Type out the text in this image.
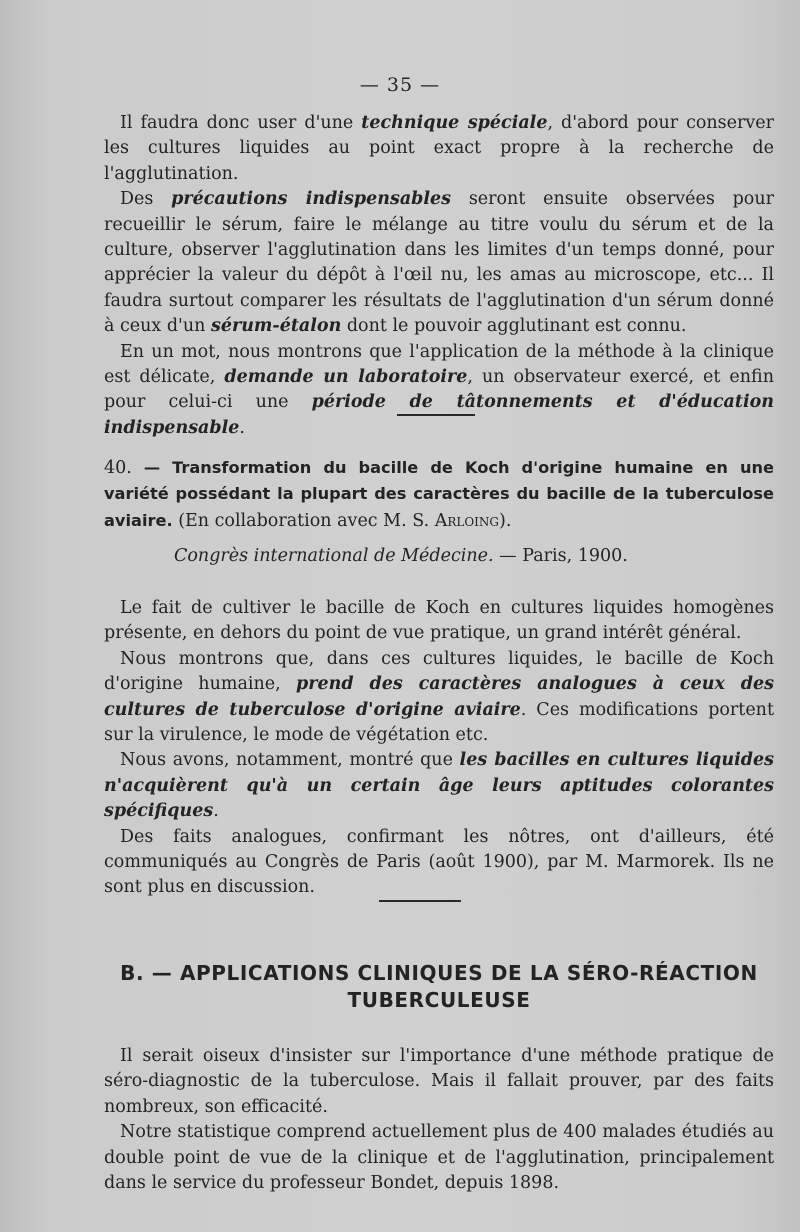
— 35 —

Il faudra donc user d'une technique spéciale, d'abord pour conserver les cultures liquides au point exact propre à la recherche de l'agglutination.

Des précautions indispensables seront ensuite observées pour recueillir le sérum, faire le mélange au titre voulu du sérum et de la culture, observer l'agglutination dans les limites d'un temps donné, pour apprécier la valeur du dépôt à l'œil nu, les amas au microscope, etc... Il faudra surtout comparer les résultats de l'agglutination d'un sérum donné à ceux d'un sérum-étalon dont le pouvoir agglutinant est connu.

En un mot, nous montrons que l'application de la méthode à la clinique est délicate, demande un laboratoire, un observateur exercé, et enfin pour celui-ci une période de tâtonnements et d'éducation indispensable.

40. — Transformation du bacille de Koch d'origine humaine en une variété possédant la plupart des caractères du bacille de la tuberculose aviaire. (En collaboration avec M. S. Arloing).
Congrès international de Médecine. — Paris, 1900.

Le fait de cultiver le bacille de Koch en cultures liquides homogènes présente, en dehors du point de vue pratique, un grand intérêt général.

Nous montrons que, dans ces cultures liquides, le bacille de Koch d'origine humaine, prend des caractères analogues à ceux des cultures de tuberculose d'origine aviaire. Ces modifications portent sur la virulence, le mode de végétation etc.

Nous avons, notamment, montré que les bacilles en cultures liquides n'acquièrent qu'à un certain âge leurs aptitudes colorantes spécifiques.

Des faits analogues, confirmant les nôtres, ont d'ailleurs, été communiqués au Congrès de Paris (août 1900), par M. Marmorek. Ils ne sont plus en discussion.

B. — APPLICATIONS CLINIQUES DE LA SÉRO-RÉACTION TUBERCULEUSE

Il serait oiseux d'insister sur l'importance d'une méthode pratique de séro-diagnostic de la tuberculose. Mais il fallait prouver, par des faits nombreux, son efficacité.

Notre statistique comprend actuellement plus de 400 malades étudiés au double point de vue de la clinique et de l'agglutination, principalement dans le service du professeur Bondet, depuis 1898.
